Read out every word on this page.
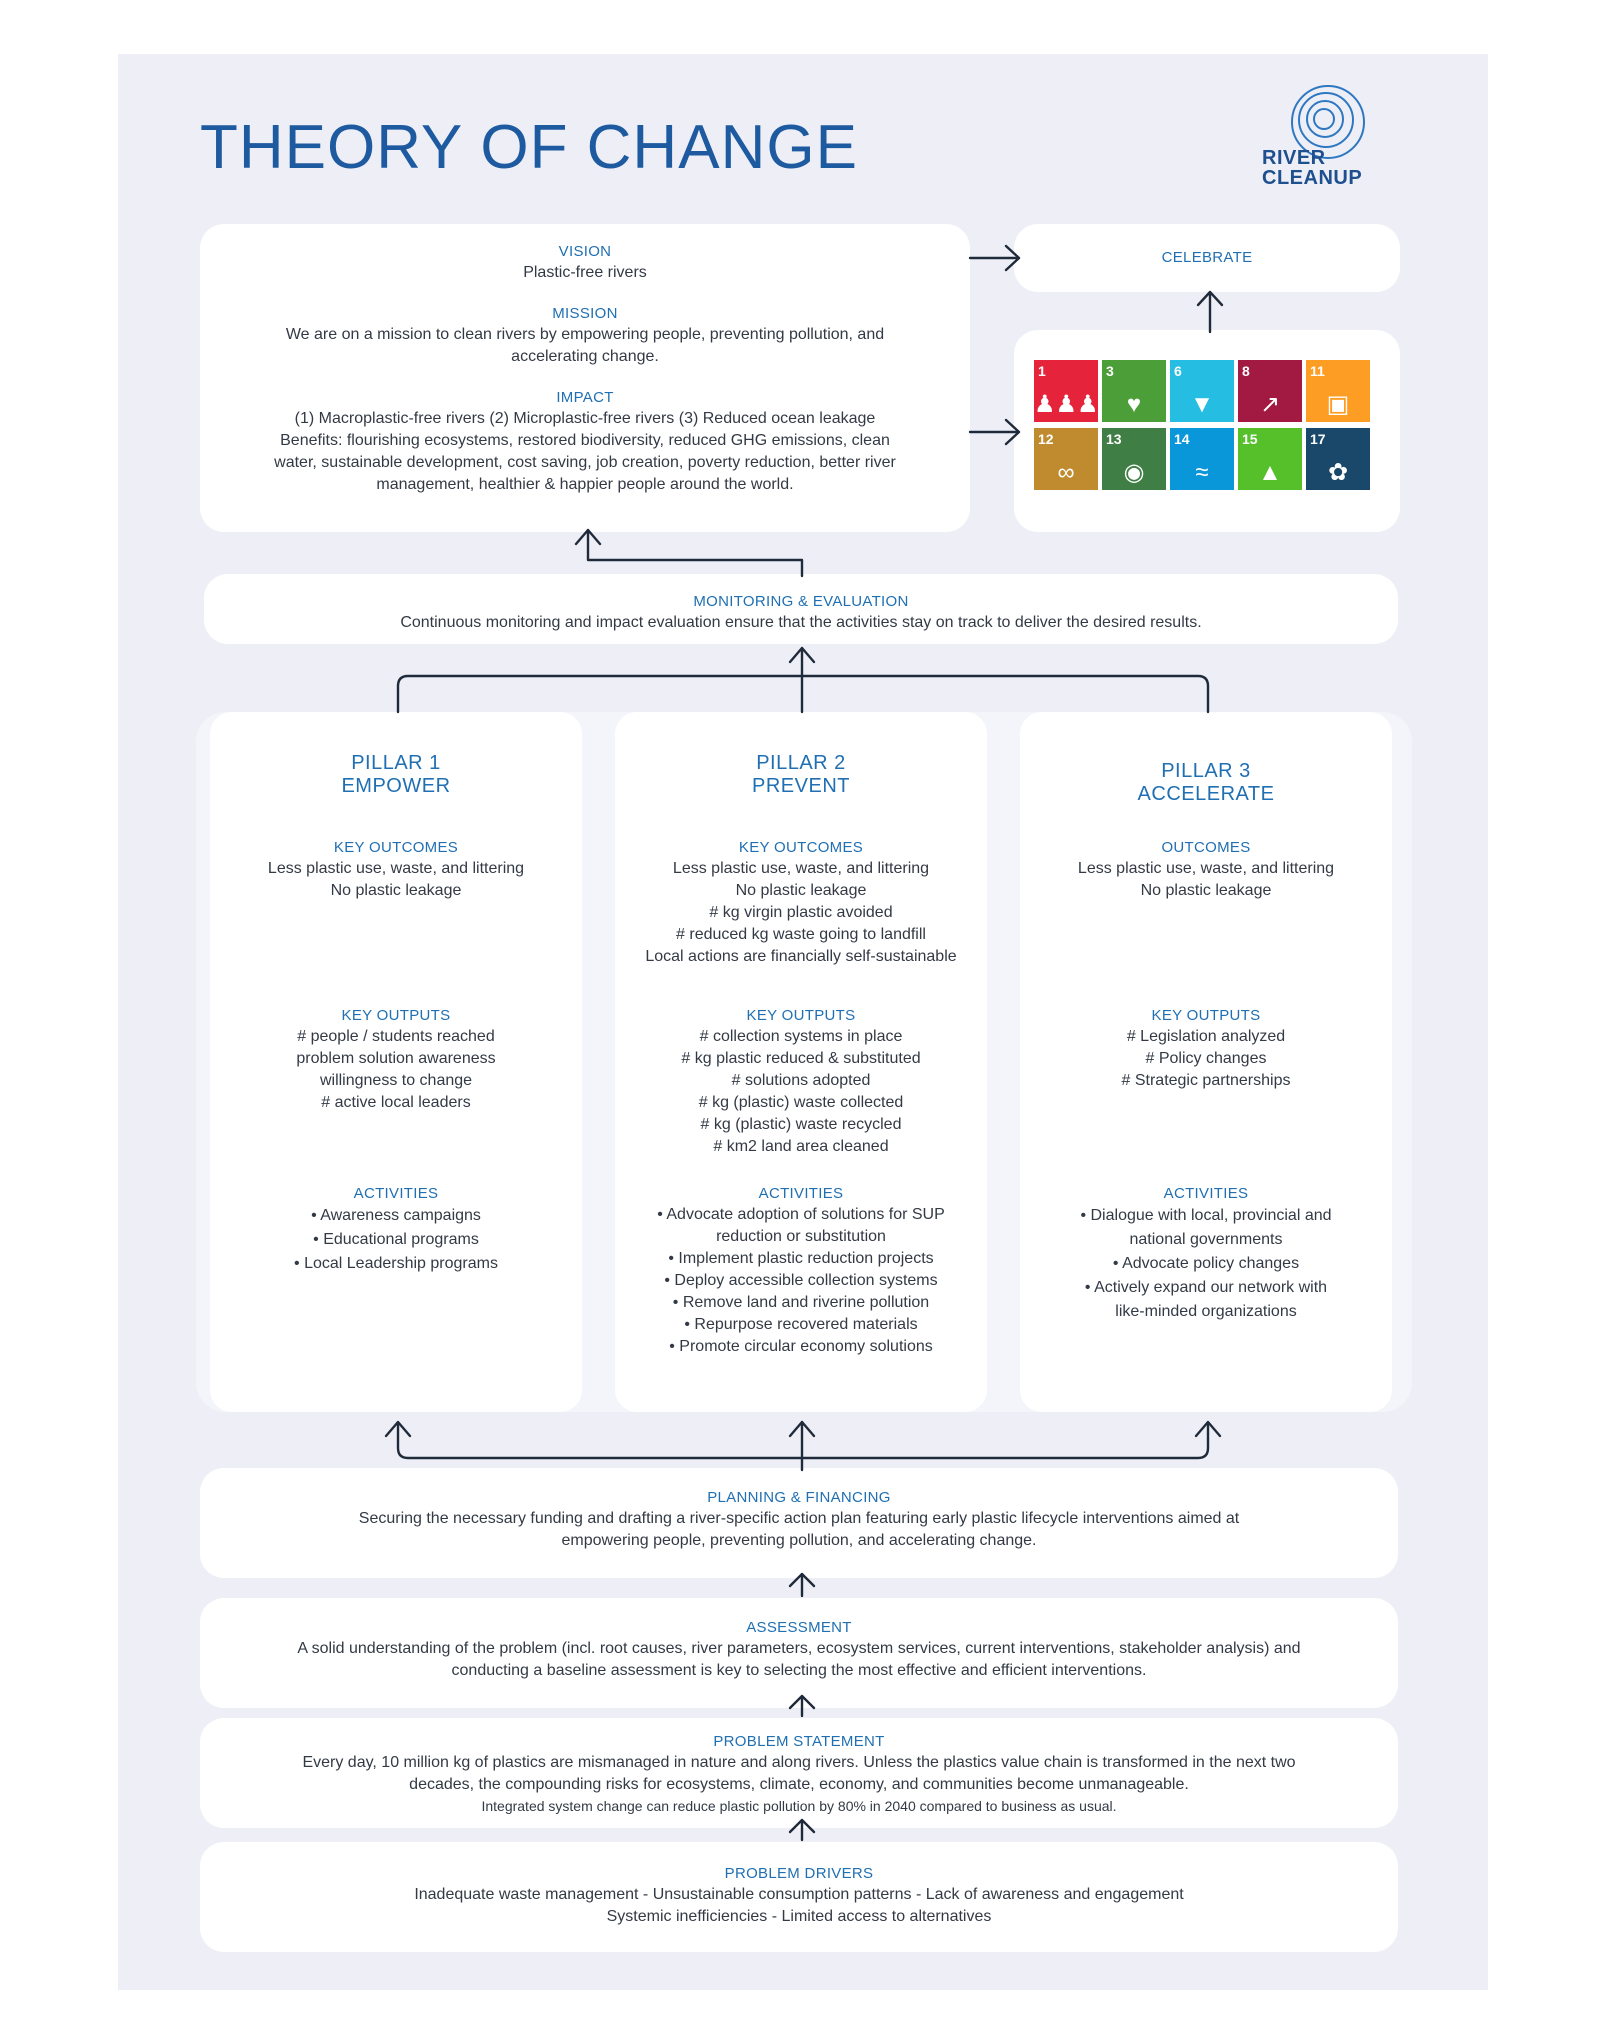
THEORY OF CHANGE	RIVER
CLEANUP
VISION
Plastic-free rivers
MISSION
We are on a mission to clean rivers by empowering people, preventing pollution, and
accelerating change.
IMPACT
(1) Macroplastic-free rivers (2) Microplastic-free rivers (3) Reduced ocean leakage
Benefits: flourishing ecosystems, restored biodiversity, reduced GHG emissions, clean
water, sustainable development, cost saving, job creation, poverty reduction, better river
management, healthier & happier people around the world.
CELEBRATE
1
♟♟♟
3
♥
6
▼
8
↗
11
▣
12
∞
13
◉
14
≈
15
▲
17
✿
MONITORING & EVALUATION
Continuous monitoring and impact evaluation ensure that the activities stay on track to deliver the desired results.
PILLAR 1
EMPOWER
KEY OUTCOMES
Less plastic use, waste, and littering
No plastic leakage
KEY OUTPUTS
# people / students reached
problem solution awareness
willingness to change
# active local leaders
ACTIVITIES
• Awareness campaigns
• Educational programs
• Local Leadership programs
PILLAR 2
PREVENT
KEY OUTCOMES
Less plastic use, waste, and littering
No plastic leakage
# kg virgin plastic avoided
# reduced kg waste going to landfill
Local actions are financially self-sustainable
KEY OUTPUTS
# collection systems in place
# kg plastic reduced & substituted
# solutions adopted
# kg (plastic) waste collected
# kg (plastic) waste recycled
# km2 land area cleaned
ACTIVITIES
• Advocate adoption of solutions for SUP
reduction or substitution
• Implement plastic reduction projects
• Deploy accessible collection systems
• Remove land and riverine pollution
• Repurpose recovered materials
• Promote circular economy solutions
PILLAR 3
ACCELERATE
OUTCOMES
Less plastic use, waste, and littering
No plastic leakage
KEY OUTPUTS
# Legislation analyzed
# Policy changes
# Strategic partnerships
ACTIVITIES
• Dialogue with local, provincial and
national governments
• Advocate policy changes
• Actively expand our network with
like-minded organizations
PLANNING & FINANCING
Securing the necessary funding and drafting a river-specific action plan featuring early plastic lifecycle interventions aimed at
empowering people, preventing pollution, and accelerating change.
ASSESSMENT
A solid understanding of the problem (incl. root causes, river parameters, ecosystem services, current interventions, stakeholder analysis) and
conducting a baseline assessment is key to selecting the most effective and efficient interventions.
PROBLEM STATEMENT
Every day, 10 million kg of plastics are mismanaged in nature and along rivers. Unless the plastics value chain is transformed in the next two
decades, the compounding risks for ecosystems, climate, economy, and communities become unmanageable.
Integrated system change can reduce plastic pollution by 80% in 2040 compared to business as usual.
PROBLEM DRIVERS
Inadequate waste management - Unsustainable consumption patterns - Lack of awareness and engagement
Systemic inefficiencies - Limited access to alternatives
